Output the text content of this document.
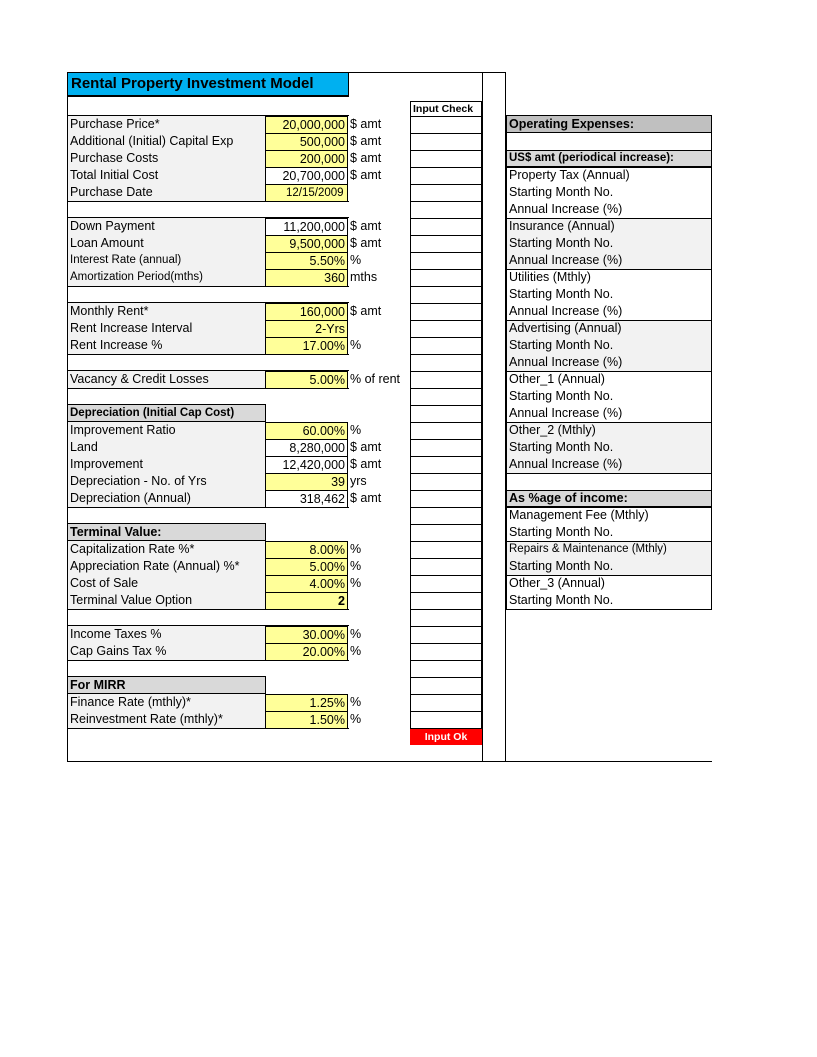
Rental Property Investment Model
Input Check
Input Ok
Purchase Price*	20,000,000 $ amt
Additional (Initial) Capital Exp	500,000 $ amt
Purchase Costs	200,000 $ amt
Total Initial Cost	20,700,000 $ amt
Purchase Date	12/15/2009
Down Payment	11,200,000 $ amt
Loan Amount	9,500,000 $ amt
Interest Rate (annual)	5.50% %
Amortization Period(mths)	360 mths
Monthly Rent*	160,000 $ amt
Rent Increase Interval	2-Yrs
Rent Increase %	17.00% %
Vacancy & Credit Losses	5.00% % of rent
Depreciation (Initial Cap Cost)
Improvement Ratio	60.00% %
Land	8,280,000 $ amt
Improvement	12,420,000 $ amt
Depreciation - No. of Yrs	39 yrs
Depreciation (Annual)	318,462 $ amt
Terminal Value:
Capitalization Rate %*	8.00% %
Appreciation Rate (Annual) %*	5.00% %
Cost of Sale	4.00% %
Terminal Value Option	2
Income Taxes %	30.00% %
Cap Gains Tax %	20.00% %
For MIRR
Finance Rate (mthly)*	1.25% %
Reinvestment Rate (mthly)*	1.50% %
Operating Expenses:
US$ amt (periodical increase):
Property Tax (Annual)
Starting Month No.
Annual Increase (%)
Insurance (Annual)
Starting Month No.
Annual Increase (%)
Utilities (Mthly)
Starting Month No.
Annual Increase (%)
Advertising (Annual)
Starting Month No.
Annual Increase (%)
Other_1 (Annual)
Starting Month No.
Annual Increase (%)
Other_2 (Mthly)
Starting Month No.
Annual Increase (%)
As %age of income:
Management Fee (Mthly)
Starting Month No.
Repairs & Maintenance (Mthly)
Starting Month No.
Other_3 (Annual)
Starting Month No.
